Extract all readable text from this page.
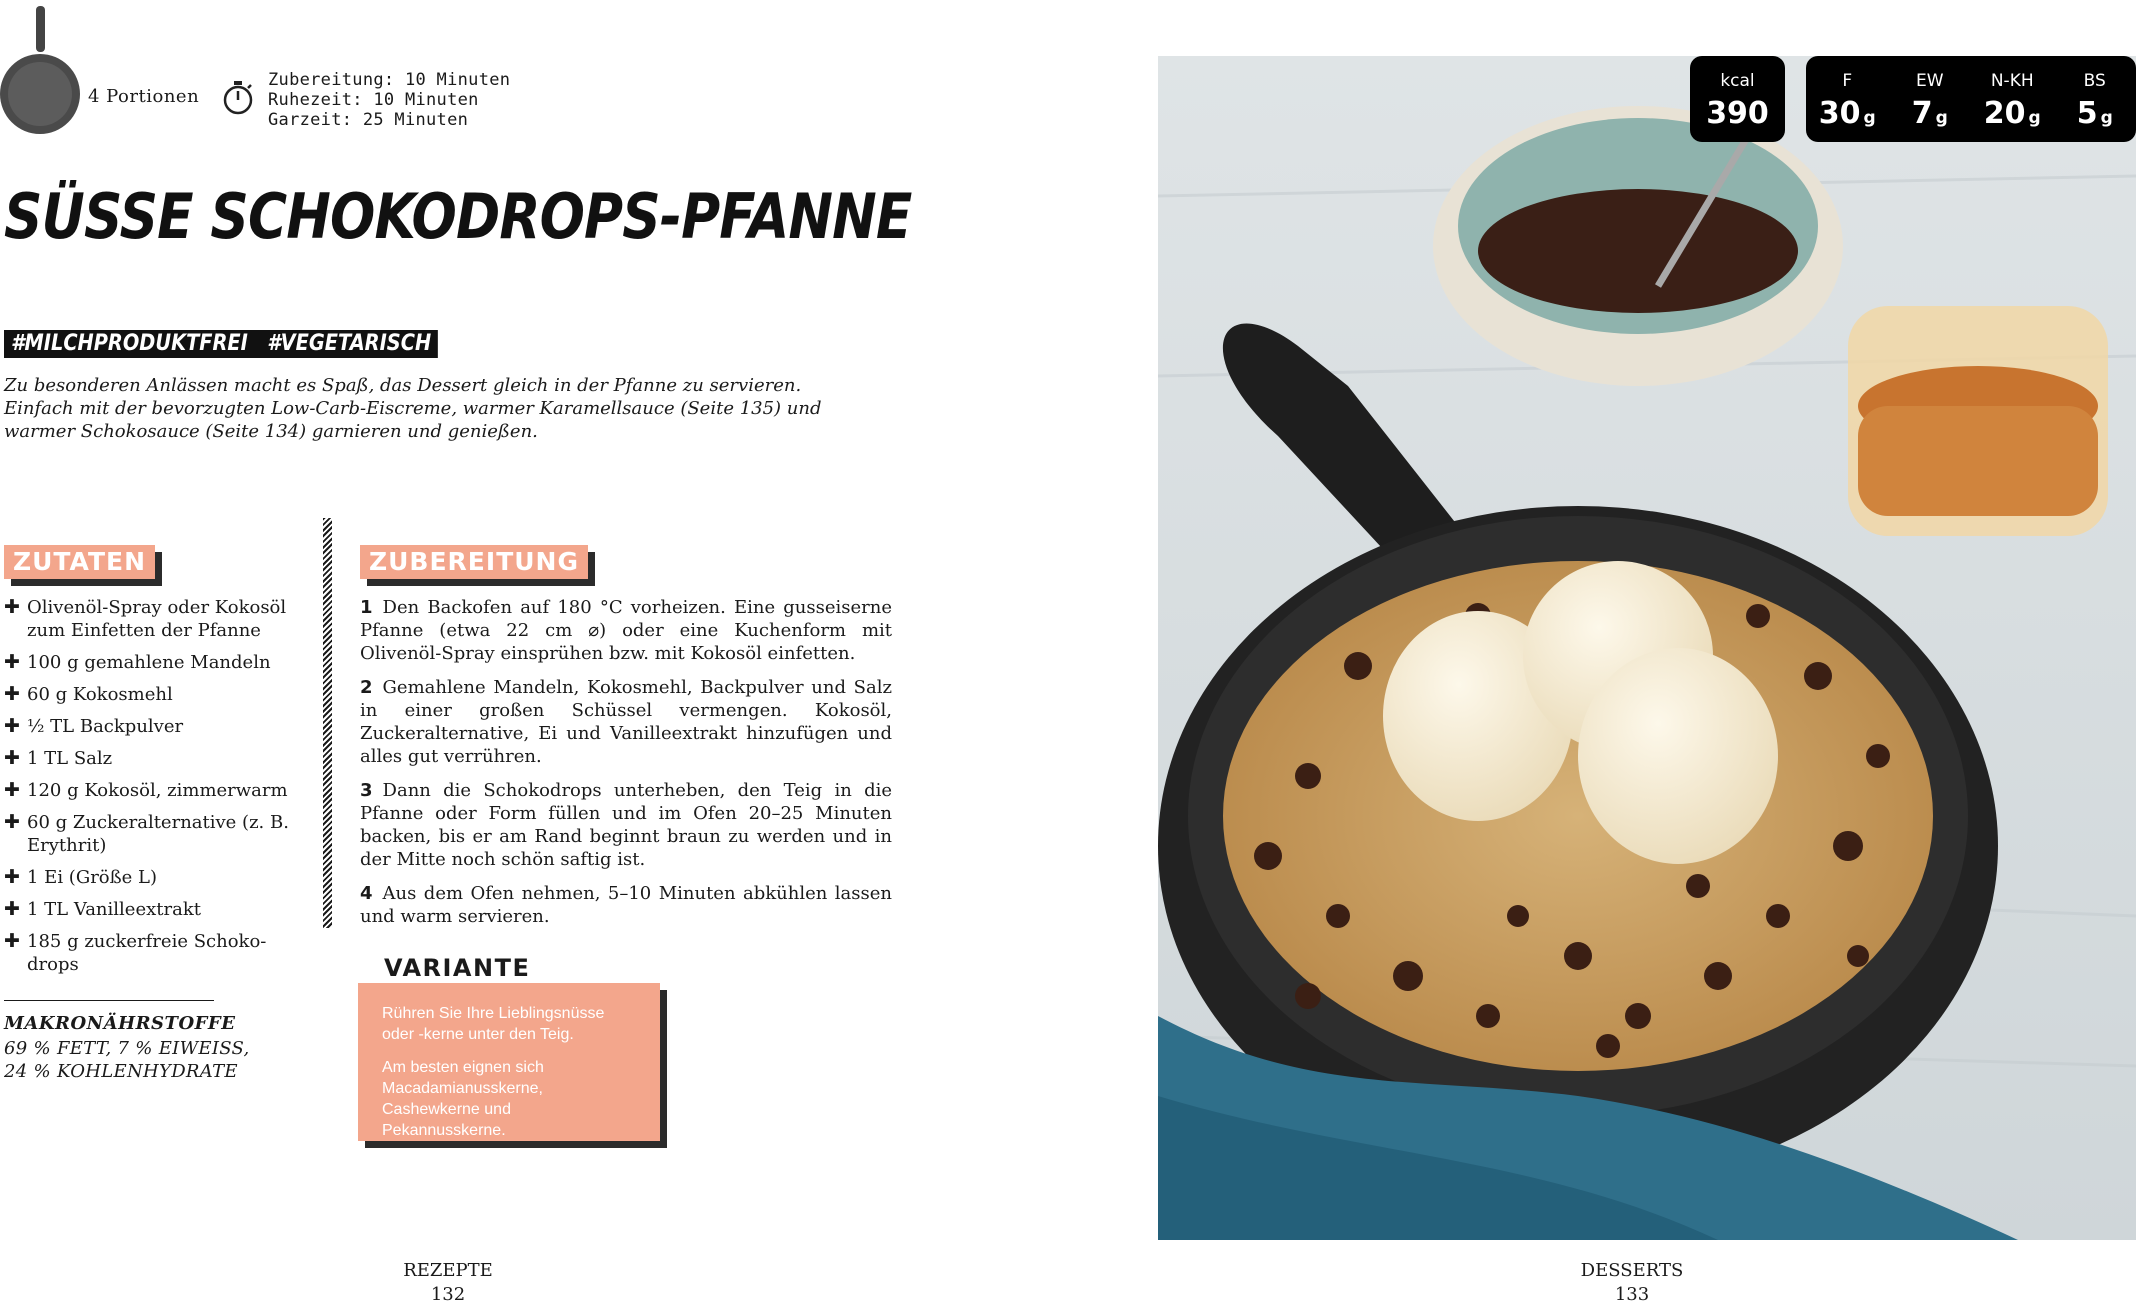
4 Portionen
Zubereitung: 10 Minuten
Ruhezeit: 10 Minuten
Garzeit: 25 Minuten
SÜSSE SCHOKODROPS-PFANNE
#MILCHPRODUKTFREI #VEGETARISCH
Zu besonderen Anlässen macht es Spaß, das Dessert gleich in der Pfanne zu servieren. Einfach mit der bevorzugten Low-Carb-Eiscreme, warmer Karamellsauce (Seite 135) und warmer Schokosauce (Seite 134) garnieren und genießen.
ZUTATEN	ZUBEREITUNG
✚ Olivenöl-Spray oder Kokosöl zum Einfetten der Pfanne
✚ 100 g gemahlene Mandeln
✚ 60 g Kokosmehl
✚ ½ TL Backpulver
✚ 1 TL Salz
✚ 120 g Kokosöl, zimmerwarm
✚ 60 g Zuckeralternative (z. B. Erythrit)
✚ 1 Ei (Größe L)
✚ 1 TL Vanilleextrakt
✚ 185 g zuckerfreie Schoko-drops
MAKRONÄHRSTOFFE
69 % FETT, 7 % EIWEISS,
24 % KOHLENHYDRATE
1 Den Backofen auf 180 °C vorheizen. Eine gusseiserne Pfanne (etwa 22 cm ⌀) oder eine Kuchenform mit Olivenöl-Spray einsprühen bzw. mit Kokosöl einfetten.
2 Gemahlene Mandeln, Kokosmehl, Backpulver und Salz in einer großen Schüssel vermengen. Kokosöl, Zuckeralternative, Ei und Vanilleextrakt hinzufügen und alles gut verrühren.
3 Dann die Schokodrops unterheben, den Teig in die Pfanne oder Form füllen und im Ofen 20–25 Minuten backen, bis er am Rand beginnt braun zu werden und in der Mitte noch schön saftig ist.
4 Aus dem Ofen nehmen, 5–10 Minuten abkühlen lassen und warm servieren.
VARIANTE

Rühren Sie Ihre Lieblingsnüsse oder -kerne unter den Teig.

Am besten eignen sich Macadamianusskerne, Cashewkerne und Pekannusskerne.

REZEPTE
132
kcal
390
F
30 g
EW
7 g
N-KH
20 g
BS
5 g
DESSERTS
133
